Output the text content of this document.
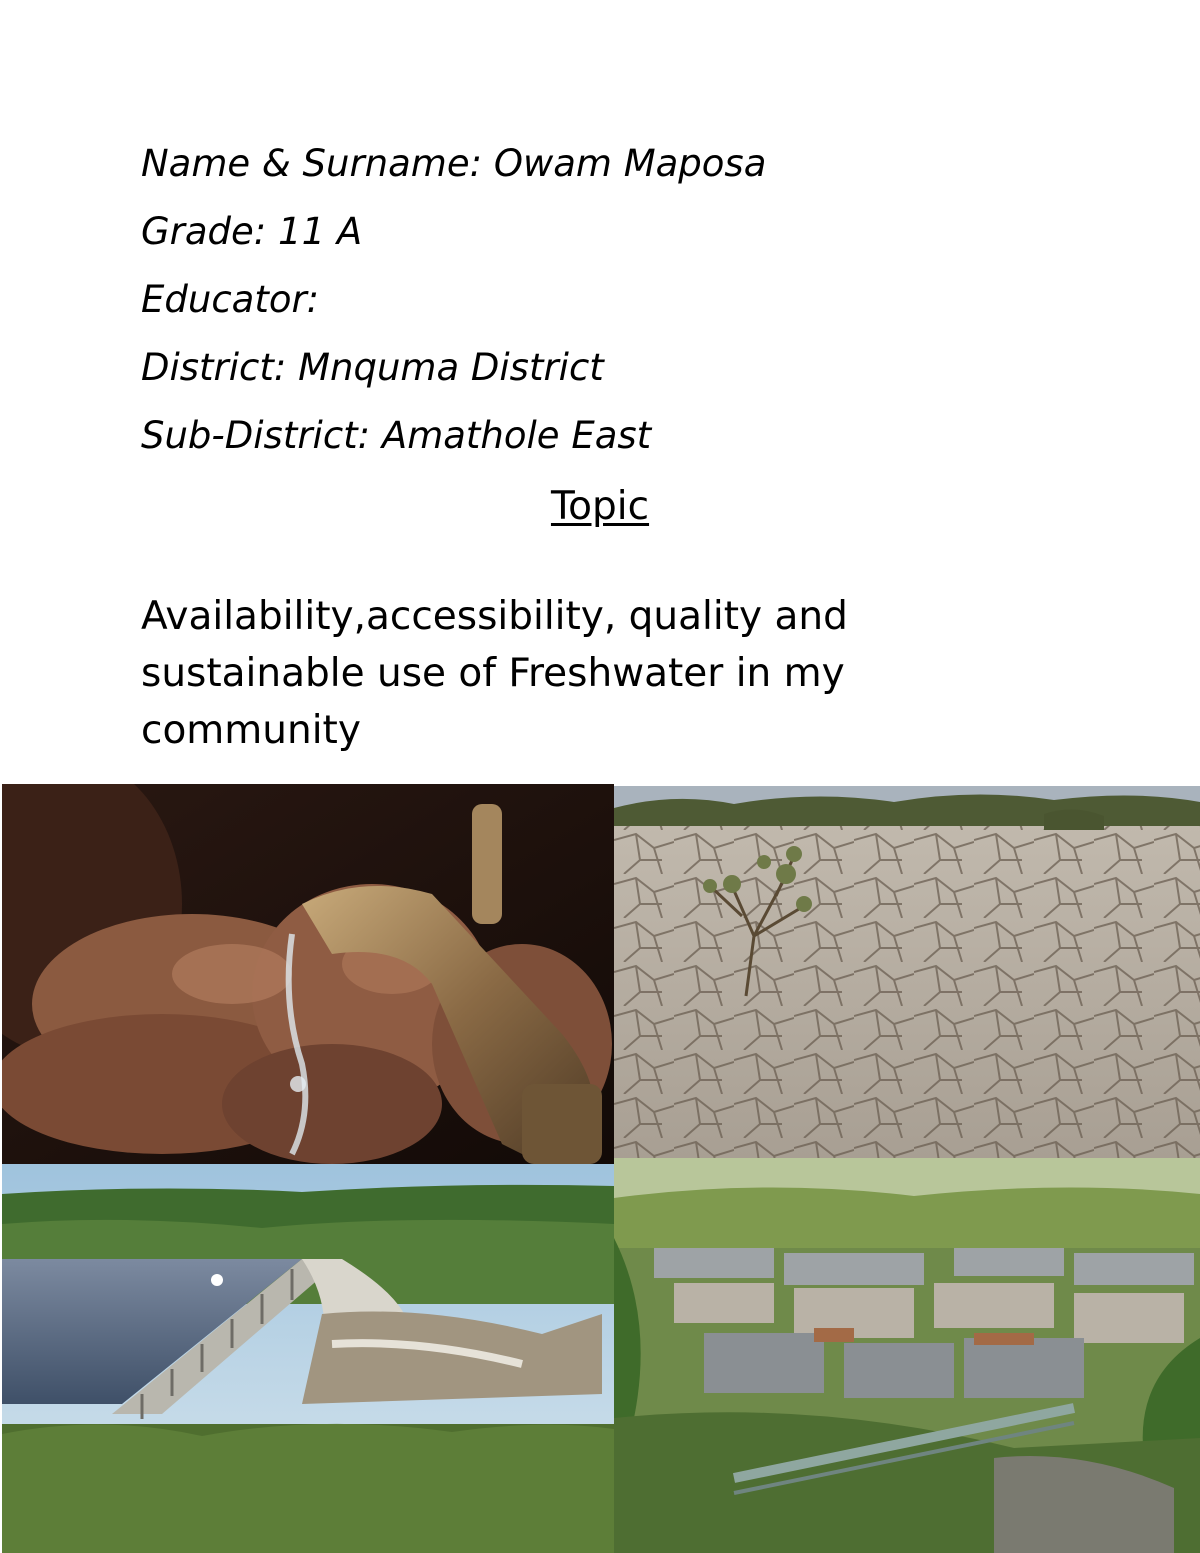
Name & Surname: Owam Maposa
Grade: 11 A
Educator:
District: Mnquma District
Sub-District: Amathole East
Topic
Availability,accessibility, quality and sustainable use of Freshwater in my community
